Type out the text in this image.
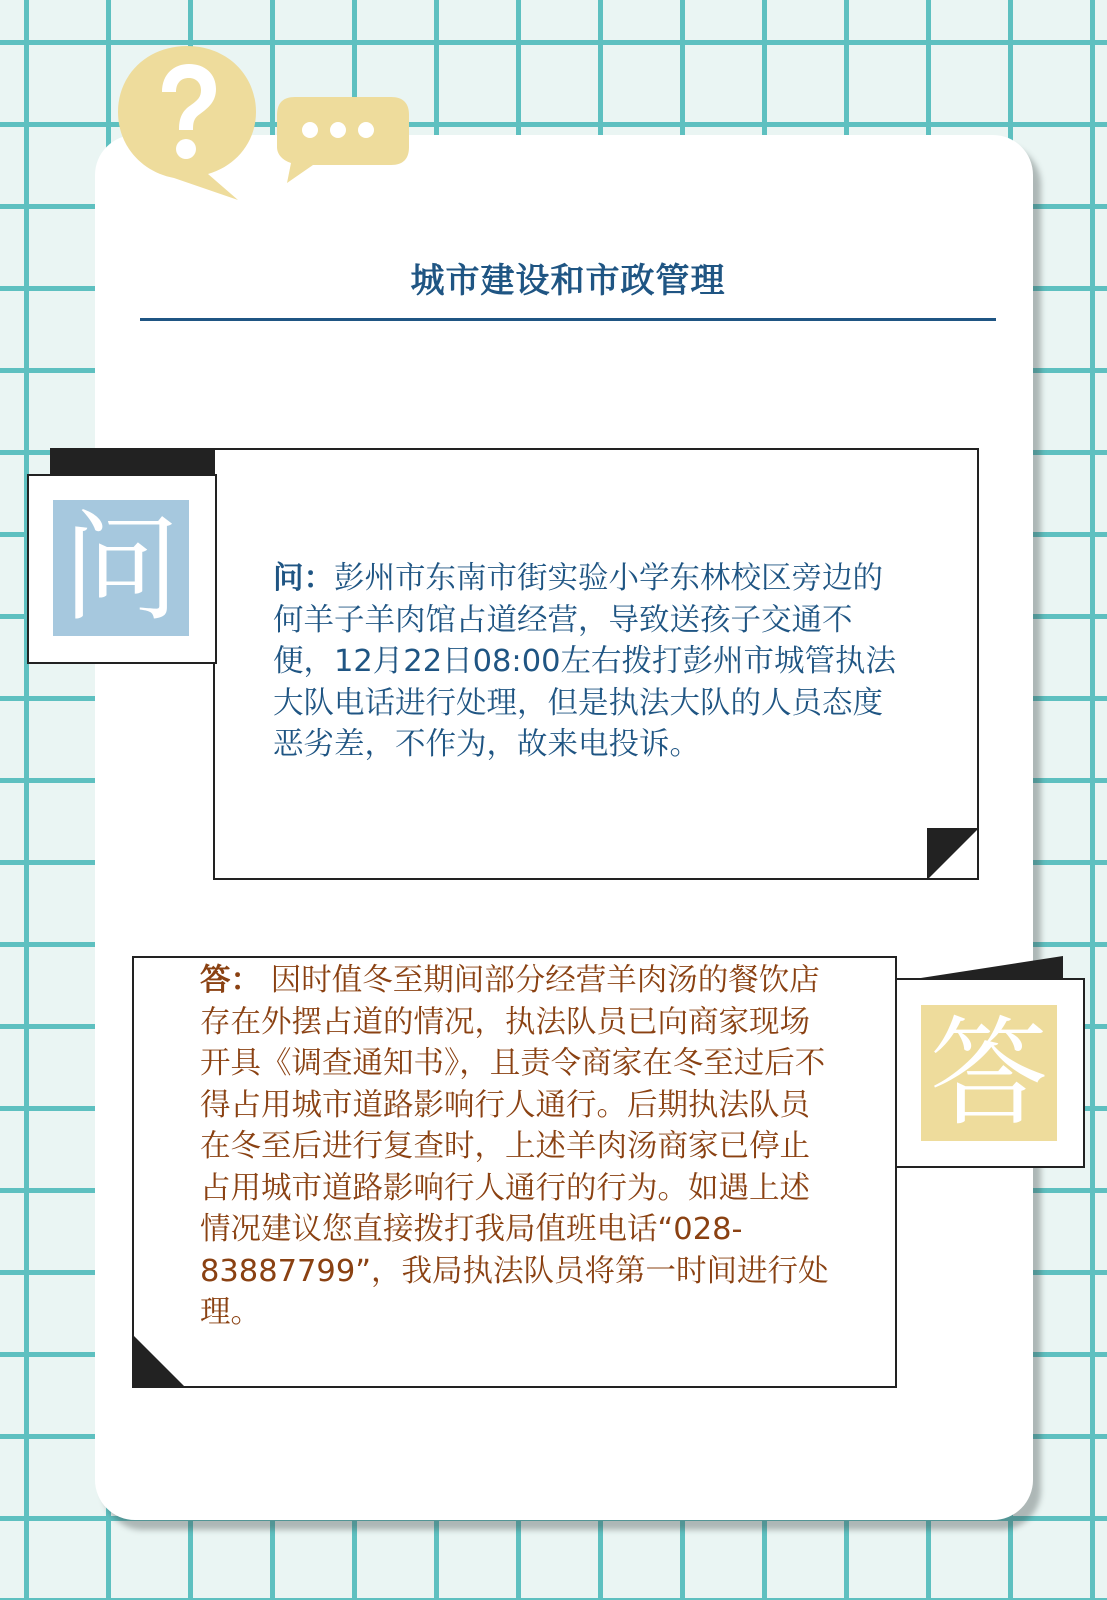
城市建设和市政管理
问	问：彭州市东南市街实验小学东林校区旁边的何羊子羊肉馆占道经营，导致送孩子交通不便，12月22日08:00左右拨打彭州市城管执法大队电话进行处理，但是执法大队的人员态度恶劣差，不作为，故来电投诉。

答

答： 因时值冬至期间部分经营羊肉汤的餐饮店存在外摆占道的情况，执法队员已向商家现场开具《调查通知书》，且责令商家在冬至过后不得占用城市道路影响行人通行。后期执法队员在冬至后进行复查时，上述羊肉汤商家已停止占用城市道路影响行人通行的行为。如遇上述情况建议您直接拨打我局值班电话“028-83887799”，我局执法队员将第一时间进行处理。
